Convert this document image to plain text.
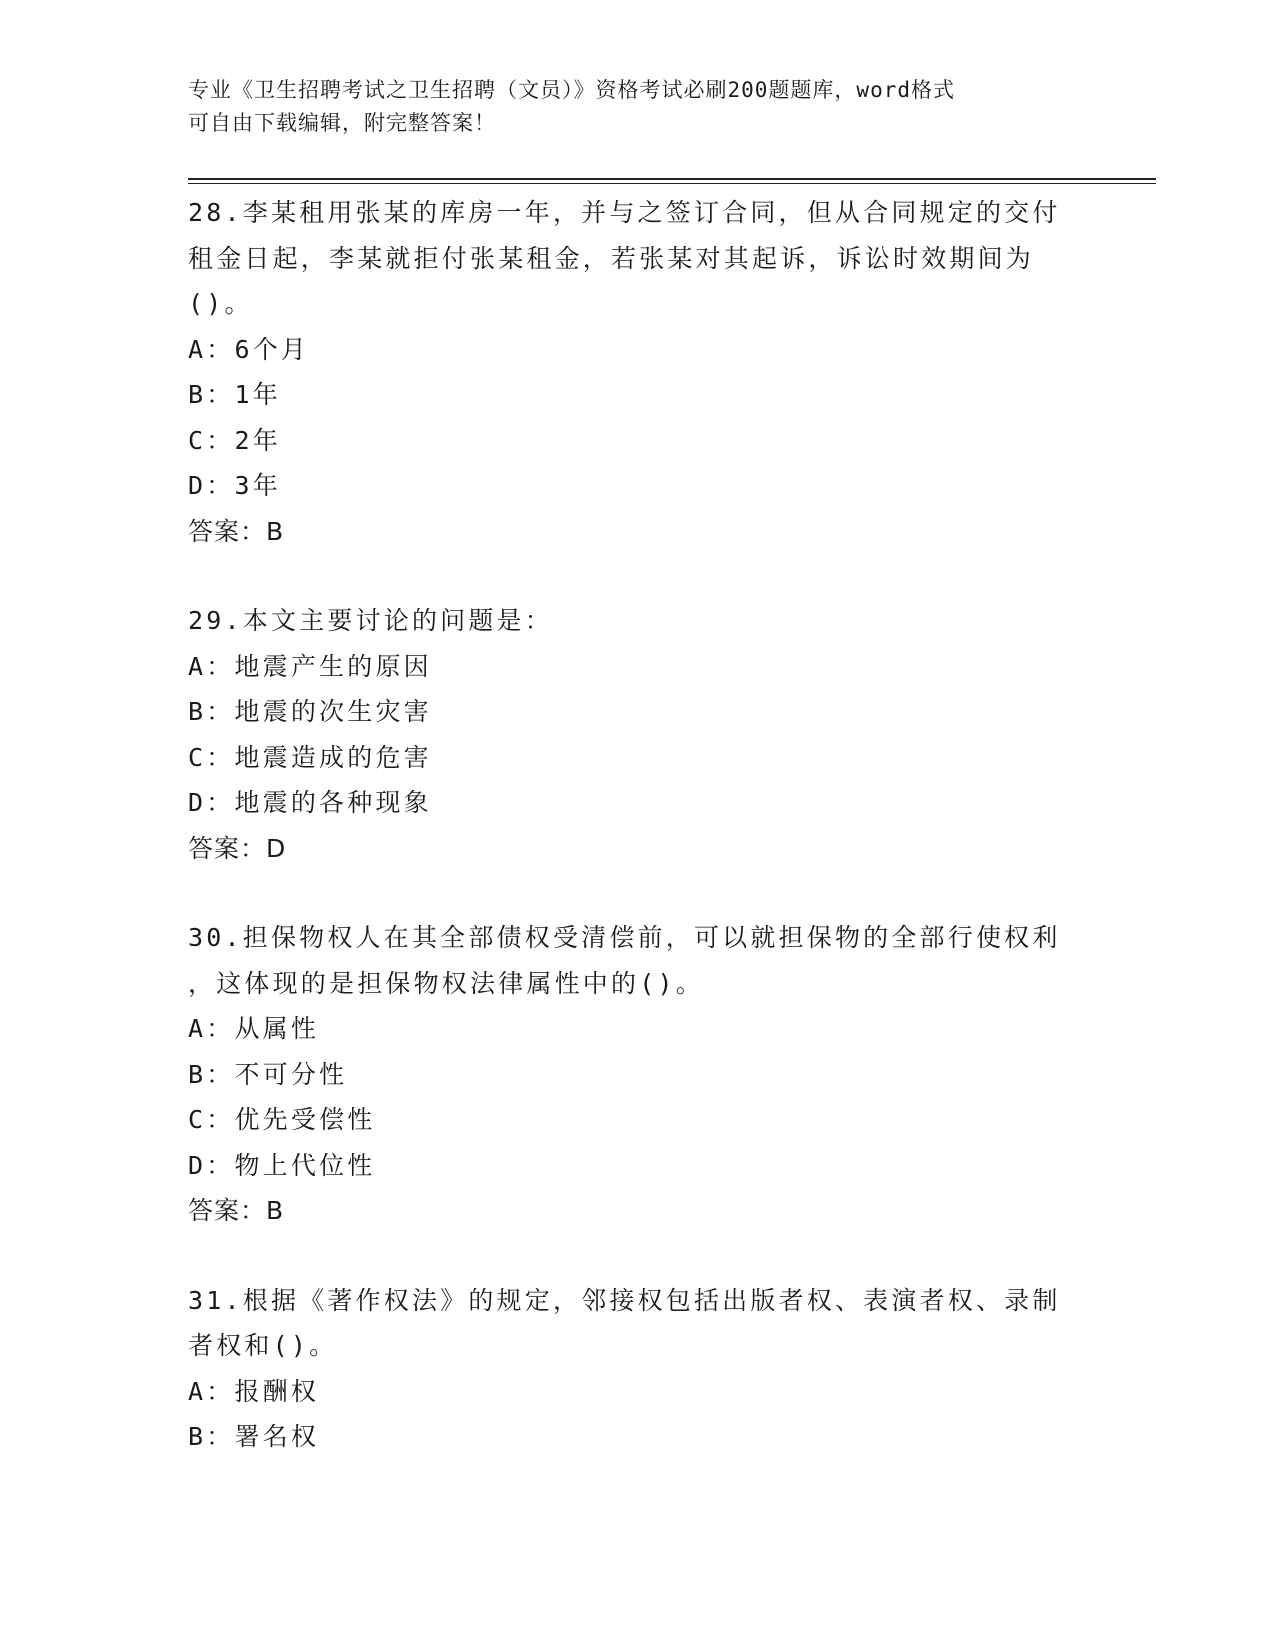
专业《卫生招聘考试之卫生招聘（文员）》资格考试必刷200题题库，word格式
可自由下载编辑，附完整答案！
28.李某租用张某的库房一年，并与之签订合同，但从合同规定的交付
租金日起，李某就拒付张某租金，若张某对其起诉，诉讼时效期间为
()。
A：6个月
B：1年
C：2年
D：3年
答案：B
29.本文主要讨论的问题是：
A：地震产生的原因
B：地震的次生灾害
C：地震造成的危害
D：地震的各种现象
答案：D
30.担保物权人在其全部债权受清偿前，可以就担保物的全部行使权利
，这体现的是担保物权法律属性中的()。
A：从属性
B：不可分性
C：优先受偿性
D：物上代位性
答案：B
31.根据《著作权法》的规定，邻接权包括出版者权、表演者权、录制
者权和()。
A：报酬权
B：署名权
